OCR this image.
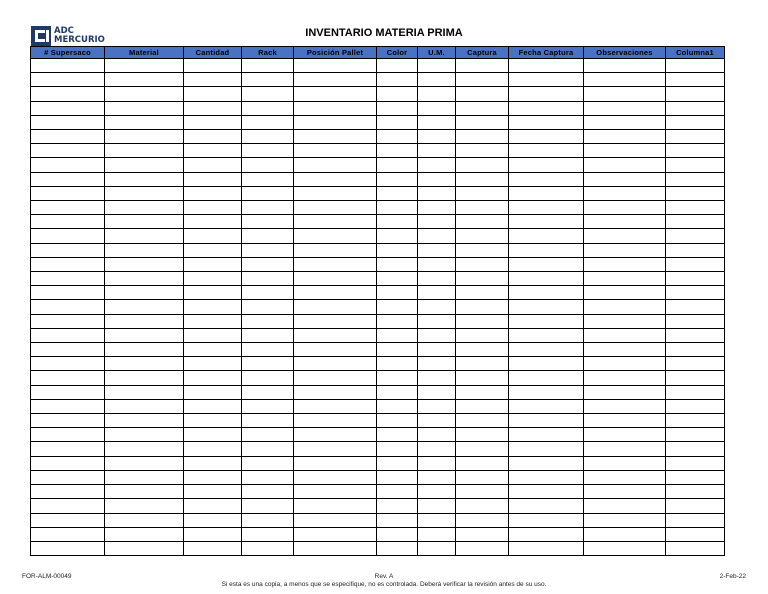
ADC
MERCURIO
INVENTARIO MATERIA PRIMA
# Supersaco	Material	Cantidad	Rack	Posición Pallet	Color	U.M.	Captura	Fecha Captura	Observaciones	Columna1

FOR-ALM-00049	Rev. A
Si esta es una copia, a menos que se especifique, no es controlada. Deberá verificar la revisión antes de su uso.
2-Feb-22
